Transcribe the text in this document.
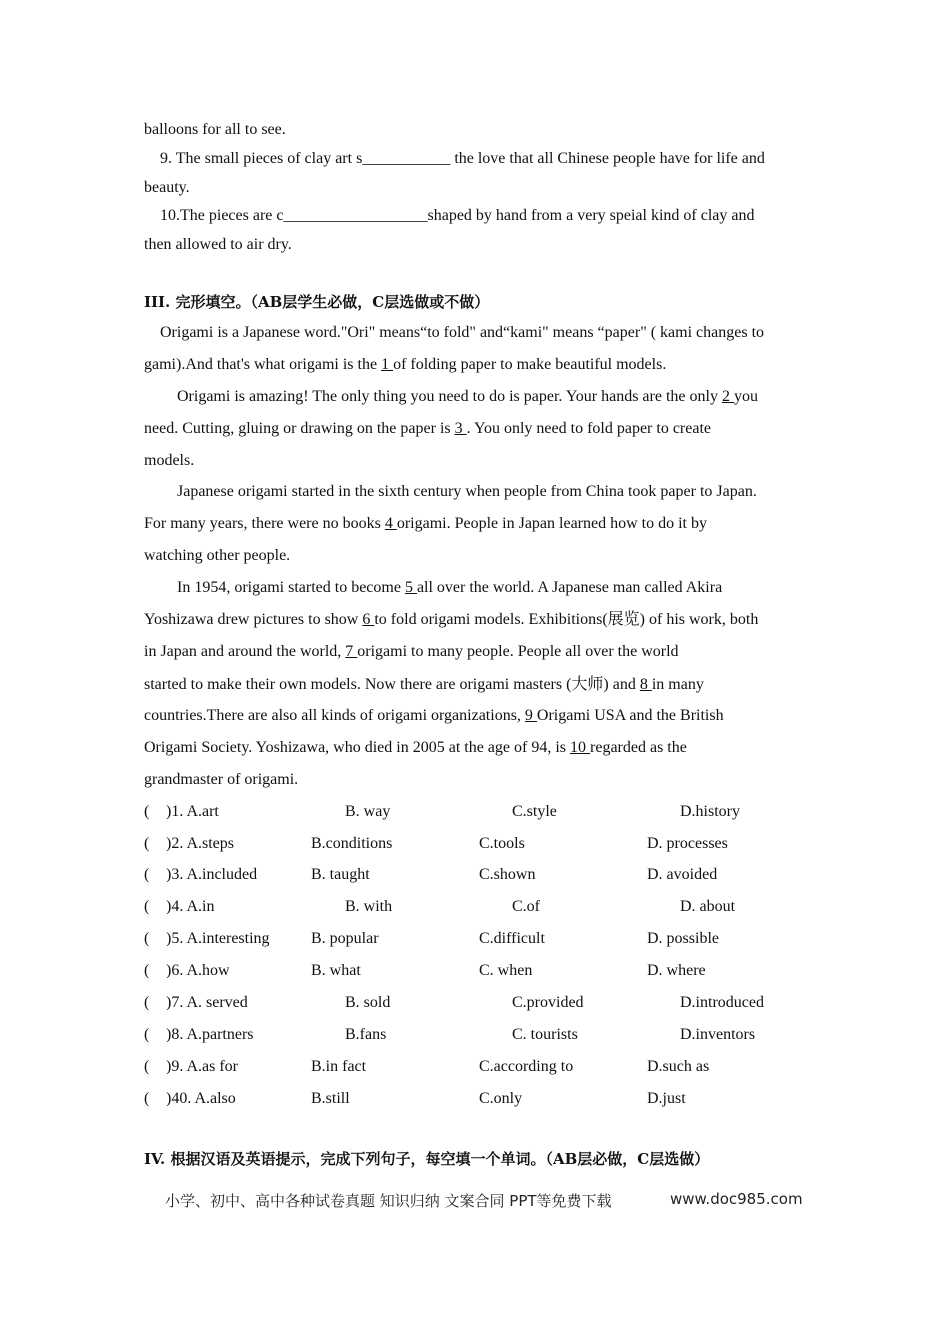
balloons for all to see.
9. The small pieces of clay art s___________ the love that all Chinese people have for life and
beauty.
10.The pieces are c__________________shaped by hand from a very speial kind of clay and
then allowed to air dry.
III. 完形填空。（AB层学生必做，C层选做或不做）
Origami is a Japanese word."Ori" means“to fold" and“kami" means “paper" ( kami changes to
gami).And that's what origami is the 1 of folding paper to make beautiful models.
Origami is amazing! The only thing you need to do is paper. Your hands are the only 2 you
need. Cutting, gluing or drawing on the paper is 3 . You only need to fold paper to create
models.
Japanese origami started in the sixth century when people from China took paper to Japan.
For many years, there were no books 4 origami. People in Japan learned how to do it by
watching other people.
In 1954, origami started to become 5 all over the world. A Japanese man called Akira
Yoshizawa drew pictures to show 6 to fold origami models. Exhibitions(展览) of his work, both
in Japan and around the world, 7 origami to many people. People all over the world
started to make their own models. Now there are origami masters (大师) and 8 in many
countries.There are also all kinds of origami organizations, 9 Origami USA and the British
Origami Society. Yoshizawa, who died in 2005 at the age of 94, is 10 regarded as the
grandmaster of origami.
( )1. A.art	B. way	C.style	D.history
( )2. A.steps	B.conditions	C.tools	D. processes
( )3. A.included	B. taught	C.shown	D. avoided
( )4. A.in	B. with	C.of	D. about
( )5. A.interesting	B. popular	C.difficult	D. possible
( )6. A.how	B. what	C. when	D. where
( )7. A. served	B. sold	C.provided	D.introduced
( )8. A.partners	B.fans	C. tourists	D.inventors
( )9. A.as for	B.in fact	C.according to	D.such as
( )40. A.also	B.still	C.only	D.just
IV. 根据汉语及英语提示，完成下列句子，每空填一个单词。（AB层必做，C层选做）
小学、初中、高中各种试卷真题 知识归纳 文案合同 PPT等免费下载	www.doc985.com
